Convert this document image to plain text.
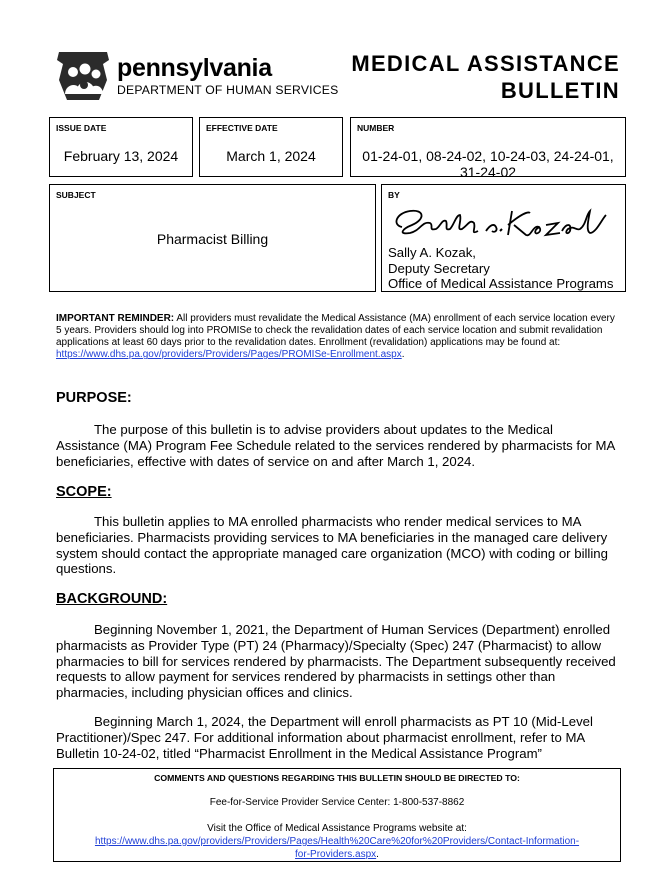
pennsylvania
DEPARTMENT OF HUMAN SERVICES
MEDICAL ASSISTANCE
BULLETIN
ISSUE DATE
February 13, 2024
EFFECTIVE DATE
March 1, 2024
NUMBER
01-24-01, 08-24-02, 10-24-03, 24-24-01,
31-24-02
SUBJECT
Pharmacist Billing
BY
Sally A. Kozak,
Deputy Secretary
Office of Medical Assistance Programs
IMPORTANT REMINDER: All providers must revalidate the Medical Assistance (MA) enrollment of each service location every 5 years. Providers should log into PROMISe to check the revalidation dates of each service location and submit revalidation applications at least 60 days prior to the revalidation dates. Enrollment (revalidation) applications may be found at: https://www.dhs.pa.gov/providers/Providers/Pages/PROMISe-Enrollment.aspx.
PURPOSE:
The purpose of this bulletin is to advise providers about updates to the Medical Assistance (MA) Program Fee Schedule related to the services rendered by pharmacists for MA beneficiaries, effective with dates of service on and after March 1, 2024.
SCOPE:
This bulletin applies to MA enrolled pharmacists who render medical services to MA beneficiaries. Pharmacists providing services to MA beneficiaries in the managed care delivery system should contact the appropriate managed care organization (MCO) with coding or billing questions.
BACKGROUND:
Beginning November 1, 2021, the Department of Human Services (Department) enrolled pharmacists as Provider Type (PT) 24 (Pharmacy)/Specialty (Spec) 247 (Pharmacist) to allow pharmacies to bill for services rendered by pharmacists. The Department subsequently received requests to allow payment for services rendered by pharmacists in settings other than pharmacies, including physician offices and clinics.
Beginning March 1, 2024, the Department will enroll pharmacists as PT 10 (Mid-Level Practitioner)/Spec 247. For additional information about pharmacist enrollment, refer to MA Bulletin 10-24-02, titled “Pharmacist Enrollment in the Medical Assistance Program”
COMMENTS AND QUESTIONS REGARDING THIS BULLETIN SHOULD BE DIRECTED TO:
Fee-for-Service Provider Service Center: 1-800-537-8862
Visit the Office of Medical Assistance Programs website at:
https://www.dhs.pa.gov/providers/Providers/Pages/Health%20Care%20for%20Providers/Contact-Information-
for-Providers.aspx.
